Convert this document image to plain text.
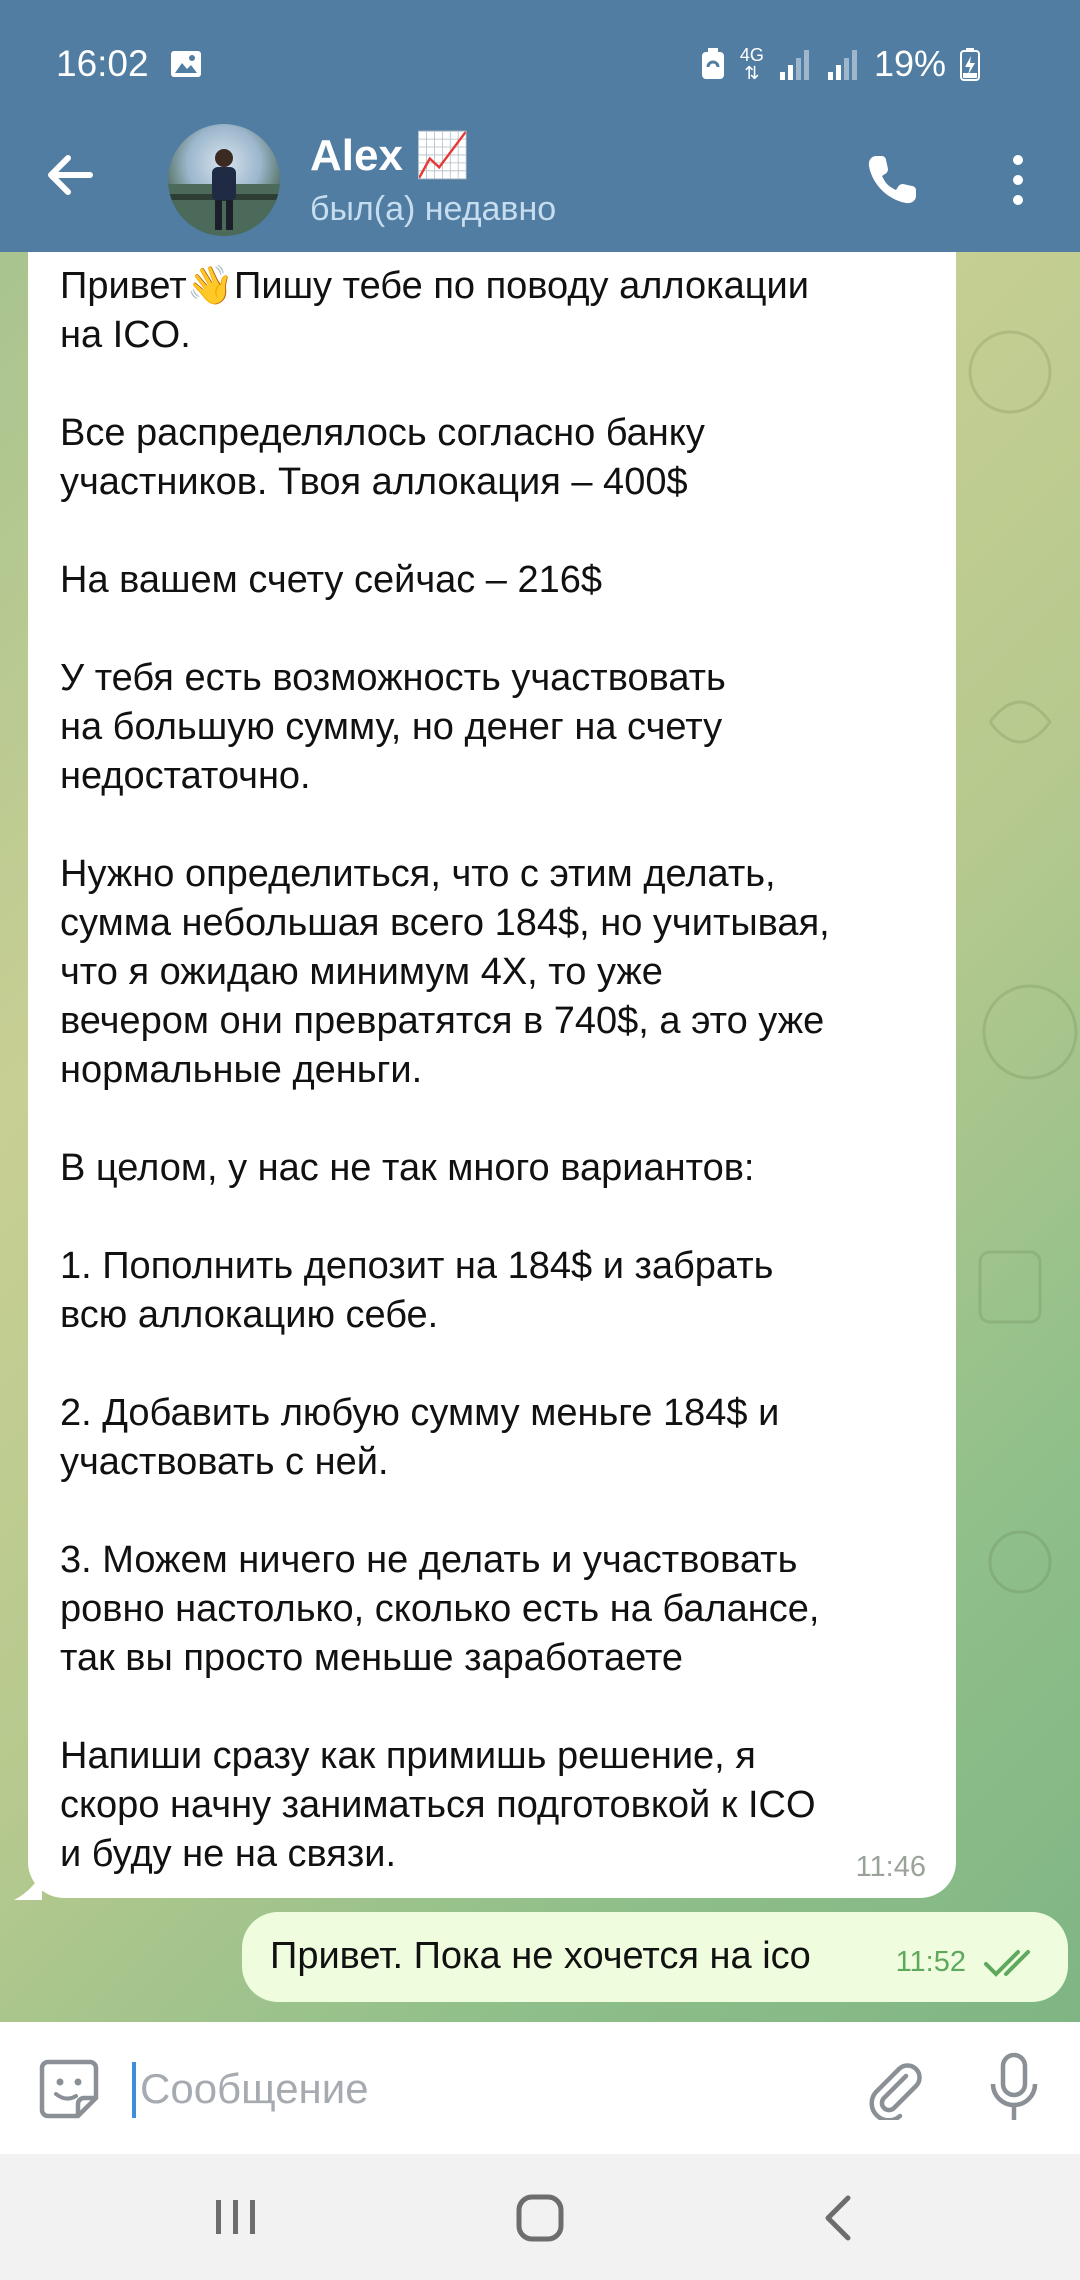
16:02	4G
⇅	19%
Alex 📈
был(а) недавно

Привет👋Пишу тебе по поводу аллокации
на ICO.

Все распределялось согласно банку
участников. Твоя аллокация – 400$

На вашем счету сейчас – 216$

У тебя есть возможность участвовать
на большую сумму, но денег на счету
недостаточно.

Нужно определиться, что с этим делать,
сумма небольшая всего 184$, но учитывая,
что я ожидаю минимум 4X, то уже
вечером они превратятся в 740$, а это уже
нормальные деньги.

В целом, у нас не так много вариантов:

1. Пополнить депозит на 184$ и забрать
всю аллокацию себе.

2. Добавить любую сумму меньге 184$ и
участвовать с ней.

3. Можем ничего не делать и участвовать
ровно настолько, сколько есть на балансе,
так вы просто меньше заработаете

Напиши сразу как примишь решение, я
скоро начну заниматься подготовкой к ICO
и буду не на связи.	11:46
Привет. Пока не хочется на ico	11:52
Сообщение
